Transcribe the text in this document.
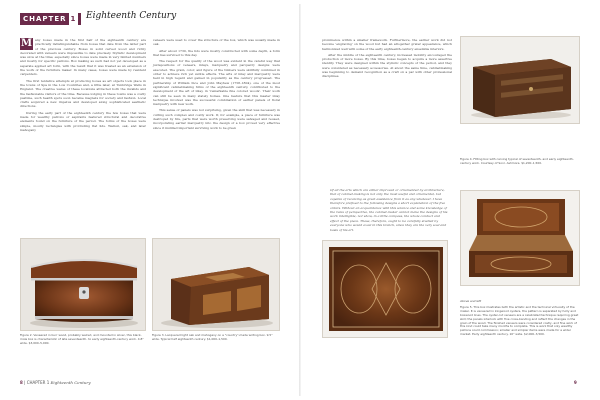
CHAPTER 1	Eighteenth Century

M any boxes made in the first half of the eighteenth century are practically indistinguishable from boxes that date from the latter part of the previous century. Boxes in solid carved wood and richly decorated with veneers were impossible to date precisely. Stylistic development was slow at the time; especially since boxes were made in very limited numbers and mostly for specific patrons. Box making as such had not yet developed as a separate applied art form, with the result that it was treated as an extension of the work of the furniture maker. In many cases, boxes were made by resident carpenters.

The first tentative attempts at producing boxes as art objects took place in the towns of Spa in the Low Countries and, a little later, at Tunbridge Wells in England. The creative wares of these locations attracted both the invalids and the fashionable visitors of the time. Because lodging in these towns was a costly pastime, such health spots soon became magnets for society and fashion. Local crafts acquired a new impetus and developed along sophisticated aesthetic directions.

During the early part of the eighteenth century the few boxes that were made for wealthy patrons or aspirants featured structural and decorative elements found on the furniture of the period. The forms of the boxes were simple, mostly rectangles with protruding flat lids. Walnut, oak, and later mahogany

veneers were used to cover the structure of the box, which was usually made in oak.

After about 1730, the lids were mostly constructed with some depth, a form that has survived to this day.

The respect for the quality of the wood was evident in the careful way that juxtapositions of veneers, inlays, marquetry and parquetry designs were executed. The grain, color, and figure of the timbers were skillfully combined in order to achieve rich yet subtle effects. The arts of inlay and marquetry were held in high regard and gained in popularity as the century progressed. The partnership of William Ince and John Mayhew (1758–1804), one of the most significant cabinetmaking firms of the eighteenth century, contributed to the development of the art of inlay, in 'remarkable fine colored woods'. Their work can still be seen in many stately homes. One feature that this master inlay technique involved was the successful combination of earlier panels of floral marquetry with new work.

This sense of panels was not surprising, given the skill that was necessary in cutting such complex and costly work. If, for example, a piece of furniture was destroyed by fire, parts that were worth preserving were salvaged and reused, incorporating earlier marquetry into the design of a box proved very effective since it instilled important surviving work to be given

Figure 2. Veneered in burr wood, probably walnut, and mounted in silver, this black-mole box is characteristic of late seventeenth- to early eighteenth-century work. 4.8" wide. $3,000–5,000.
Figure 3. Lacquered light oak and mahogany on a "country"-made writing box. 9.5" wide. Typical half eighteenth century. $1,000–1,500.
8 | CHAPTER 1 Eighteenth Century

prominence within a smaller framework. Furthermore, the earlier work did not become 'engraving' on the wood but had an altogether grater appearance, which harmonized well with some of the early eighteenth-century ensemble interiors.

After the middle of the eighteenth century, increased mobility encouraged the production of more boxes. By this time, boxes began to acquire a more assertive identity. They were designed within the stylistic concepts of the period, and they were considered as necessary accessories. At about the same time, cabinetmaking was beginning to demand recognition as a craft on a par with other professional disciplines.

Of all the arts which are either improved or ornamented by architecture, that of cabinet-making is not only the most useful and ornamental, but capable of receiving as great assistance from it as any whatever. I have therefore prefixed to the following designs a short explanation of the five orders. Without an acquaintance with this science and some knowledge of the rules of perspective, the cabinet-maker cannot make the designs of his work intelligible, nor show, in a little compass, the whole conduct and effect of the piece. These, therefore, ought to be carefully studied by everyone who would excel in this branch, since they are the very soul and basis of his art.
Figure 4. Fitting box with carving typical of seventeenth- and early eighteenth-century work. Courtesy of Sonr. Ashmore. $1,200–1,500.
Above and left
Figure 5. This box illustrates both the artistic and the technical virtuosity of the maker. It is veneered in kingwood oysters, the pattern is separated by holly and boxwood lines. The oyster-cut veneers are a celebrated technique requiring great skill; the panels interlock with fine cross-banding and reflect the changes in the grain of the wood. The finished veneers were considered costly, and fine work of this kind could take many months to complete. This is work that only wealthy patrons could commission; smaller and simpler items were made for a wider market. Early eighteenth century. 10" wide. $2,000–3,500.
9
